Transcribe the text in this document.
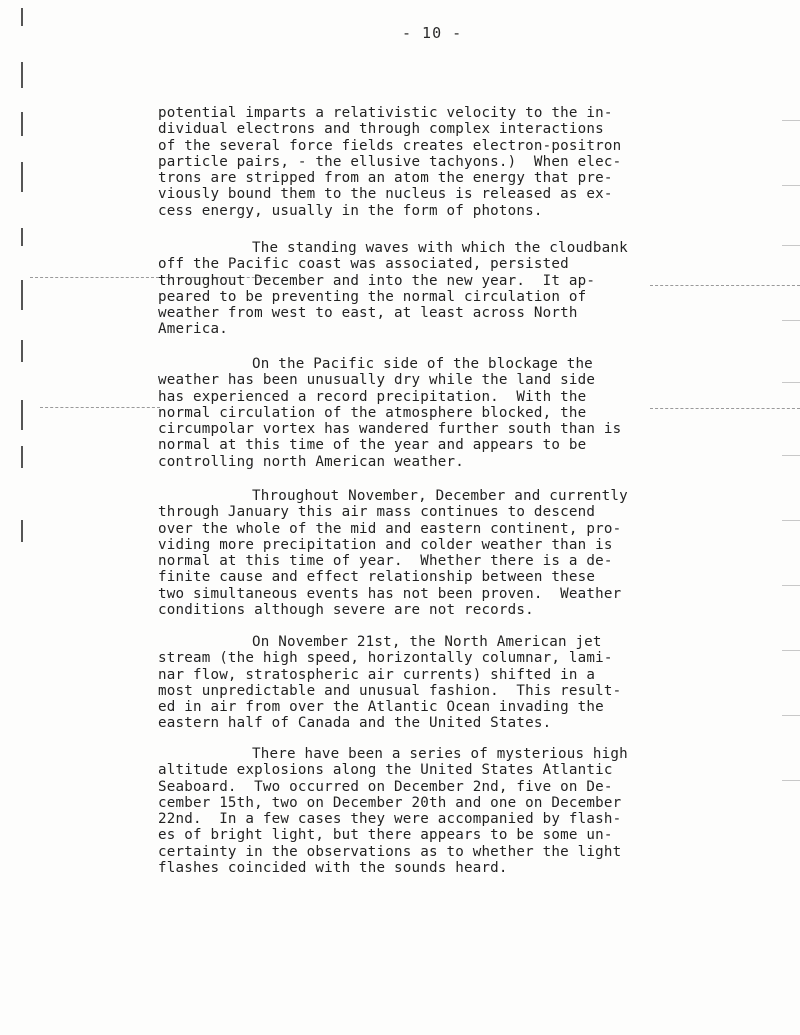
- 10 -
potential imparts a relativistic velocity to the in-
dividual electrons and through complex interactions
of the several force fields creates electron-positron
particle pairs, - the ellusive tachyons.)  When elec-
trons are stripped from an atom the energy that pre-
viously bound them to the nucleus is released as ex-
cess energy, usually in the form of photons.
The standing waves with which the cloudbank
off the Pacific coast was associated, persisted
throughout December and into the new year.  It ap-
peared to be preventing the normal circulation of
weather from west to east, at least across North
America.
On the Pacific side of the blockage the
weather has been unusually dry while the land side
has experienced a record precipitation.  With the
normal circulation of the atmosphere blocked, the
circumpolar vortex has wandered further south than is
normal at this time of the year and appears to be
controlling north American weather.
Throughout November, December and currently
through January this air mass continues to descend
over the whole of the mid and eastern continent, pro-
viding more precipitation and colder weather than is
normal at this time of year.  Whether there is a de-
finite cause and effect relationship between these
two simultaneous events has not been proven.  Weather
conditions although severe are not records.
On November 21st, the North American jet
stream (the high speed, horizontally columnar, lami-
nar flow, stratospheric air currents) shifted in a
most unpredictable and unusual fashion.  This result-
ed in air from over the Atlantic Ocean invading the
eastern half of Canada and the United States.
There have been a series of mysterious high
altitude explosions along the United States Atlantic
Seaboard.  Two occurred on December 2nd, five on De-
cember 15th, two on December 20th and one on December
22nd.  In a few cases they were accompanied by flash-
es of bright light, but there appears to be some un-
certainty in the observations as to whether the light
flashes coincided with the sounds heard.
